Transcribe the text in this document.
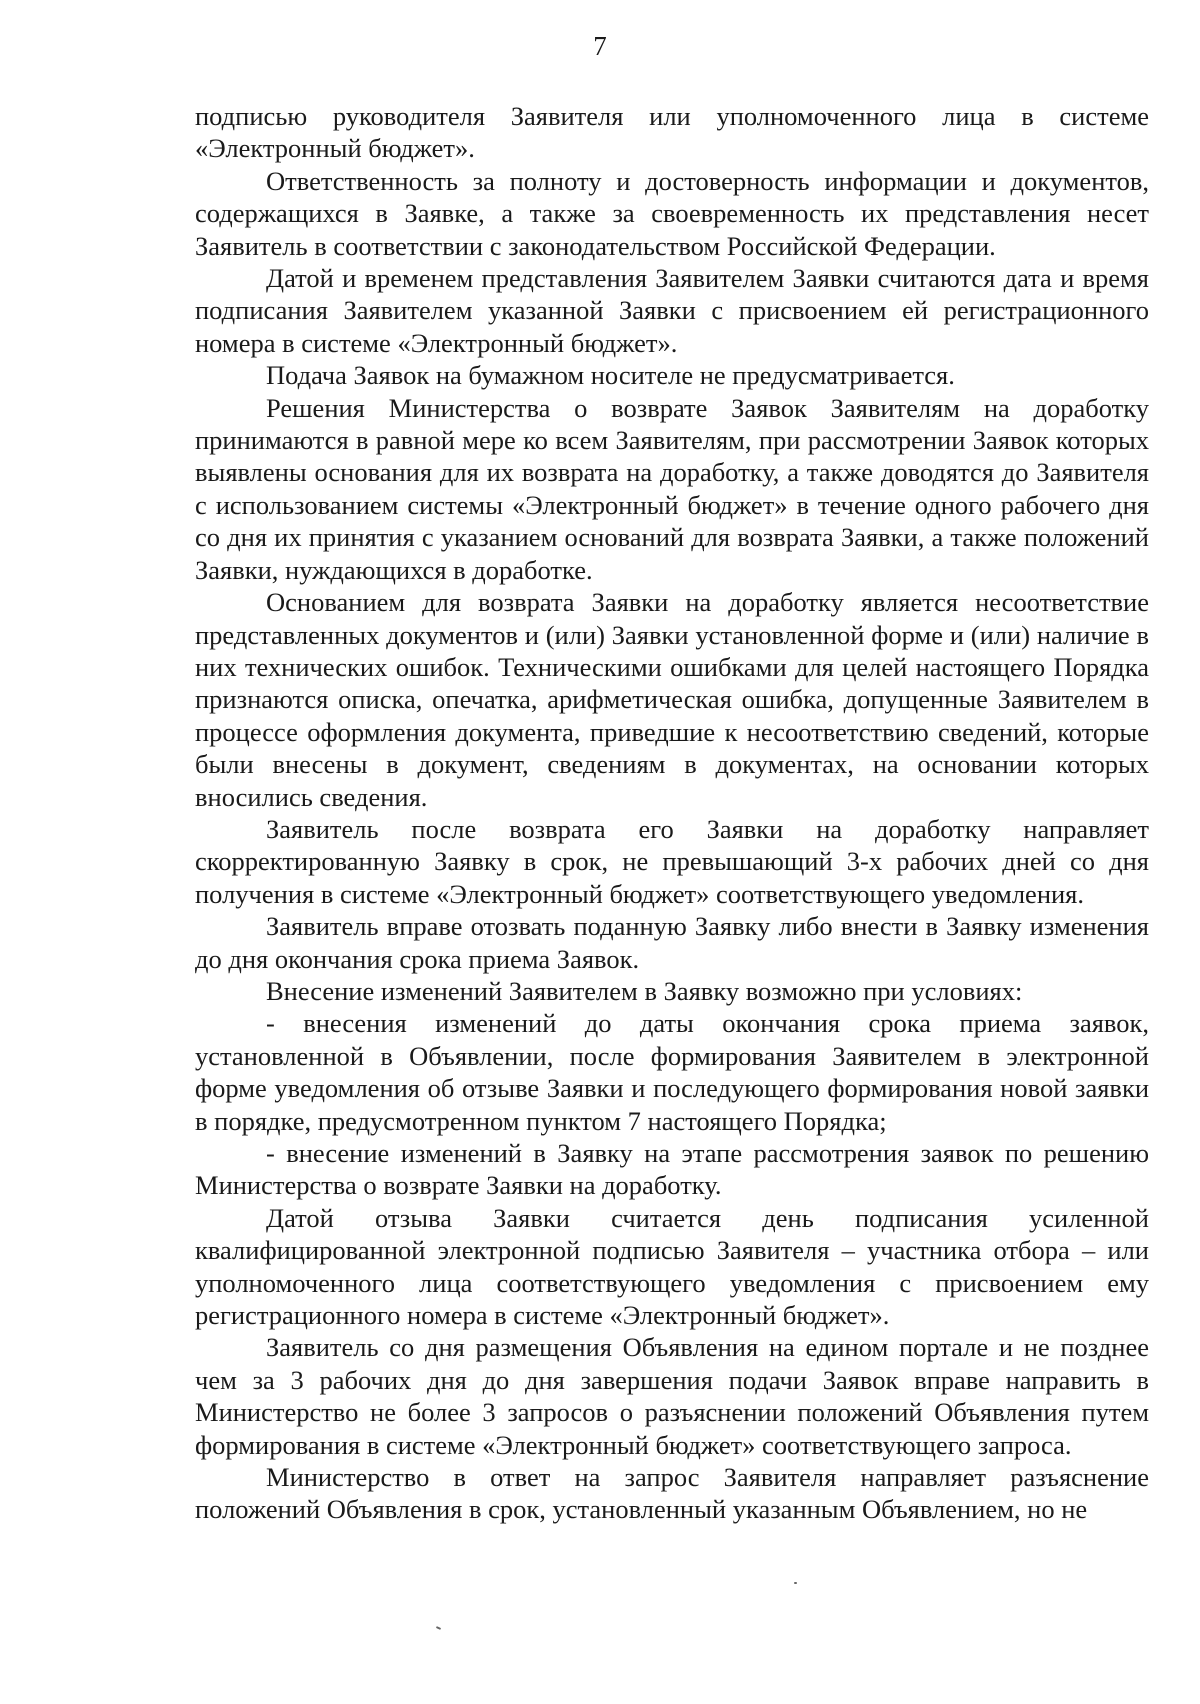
7

подписью руководителя Заявителя или уполномоченного лица в системе «Электронный бюджет».

Ответственность за полноту и достоверность информации и документов, содержащихся в Заявке, а также за своевременность их представления несет Заявитель в соответствии с законодательством Российской Федерации.

Датой и временем представления Заявителем Заявки считаются дата и время подписания Заявителем указанной Заявки с присвоением ей регистрационного номера в системе «Электронный бюджет».

Подача Заявок на бумажном носителе не предусматривается.

Решения Министерства о возврате Заявок Заявителям на доработку принимаются в равной мере ко всем Заявителям, при рассмотрении Заявок которых выявлены основания для их возврата на доработку, а также доводятся до Заявителя с использованием системы «Электронный бюджет» в течение одного рабочего дня со дня их принятия с указанием оснований для возврата Заявки, а также положений Заявки, нуждающихся в доработке.

Основанием для возврата Заявки на доработку является несоответствие представленных документов и (или) Заявки установленной форме и (или) наличие в них технических ошибок. Техническими ошибками для целей настоящего Порядка признаются описка, опечатка, арифметическая ошибка, допущенные Заявителем в процессе оформления документа, приведшие к несоответствию сведений, которые были внесены в документ, сведениям в документах, на основании которых вносились сведения.

Заявитель после возврата его Заявки на доработку направляет скорректированную Заявку в срок, не превышающий 3-х рабочих дней со дня получения в системе «Электронный бюджет» соответствующего уведомления.

Заявитель вправе отозвать поданную Заявку либо внести в Заявку изменения до дня окончания срока приема Заявок.

Внесение изменений Заявителем в Заявку возможно при условиях:

- внесения изменений до даты окончания срока приема заявок, установленной в Объявлении, после формирования Заявителем в электронной форме уведомления об отзыве Заявки и последующего формирования новой заявки в порядке, предусмотренном пунктом 7 настоящего Порядка;

- внесение изменений в Заявку на этапе рассмотрения заявок по решению Министерства о возврате Заявки на доработку.

Датой отзыва Заявки считается день подписания усиленной квалифицированной электронной подписью Заявителя – участника отбора – или уполномоченного лица соответствующего уведомления с присвоением ему регистрационного номера в системе «Электронный бюджет».

Заявитель со дня размещения Объявления на едином портале и не позднее чем за 3 рабочих дня до дня завершения подачи Заявок вправе направить в Министерство не более 3 запросов о разъяснении положений Объявления путем формирования в системе «Электронный бюджет» соответствующего запроса.

Министерство в ответ на запрос Заявителя направляет разъяснение положений Объявления в срок, установленный указанным Объявлением, но не
